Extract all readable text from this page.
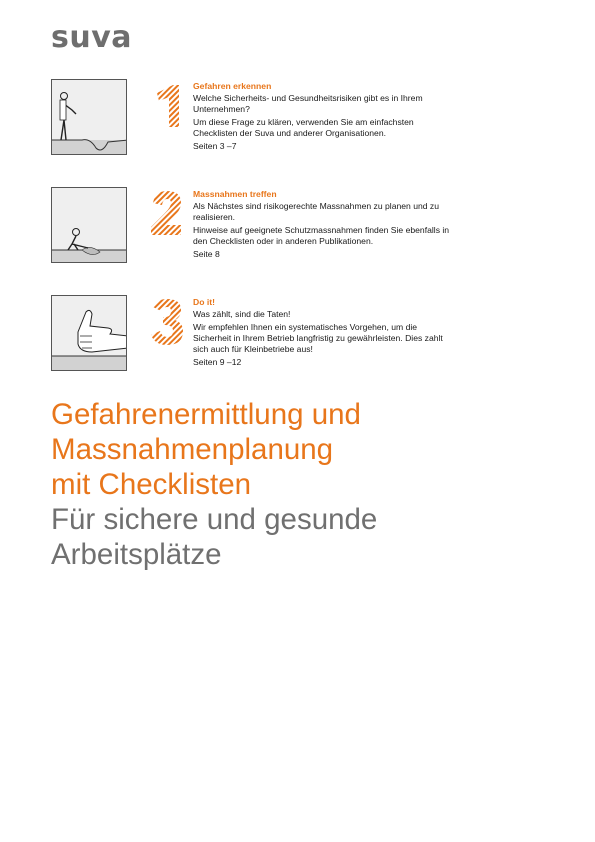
suva
Gefahren erkennen

Welche Sicherheits- und Gesundheitsrisiken gibt es in Ihrem Unternehmen?

Um diese Frage zu klären, verwenden Sie am einfachsten Checklisten der Suva und anderer Organisationen.

Seiten 3 –7

Massnahmen treffen

Als Nächstes sind risikogerechte Massnahmen zu planen und zu realisieren.

Hinweise auf geeignete Schutzmassnahmen finden Sie ebenfalls in den Checklisten oder in anderen Publikationen.

Seite 8

Do it!

Was zählt, sind die Taten!

Wir empfehlen Ihnen ein systematisches Vorgehen, um die Sicherheit in Ihrem Betrieb langfristig zu gewährleisten. Dies zahlt sich auch für Kleinbetriebe aus!

Seiten 9 –12

Gefahrenermittlung und
Massnahmenplanung
mit Checklisten
Für sichere und gesunde
Arbeitsplätze
